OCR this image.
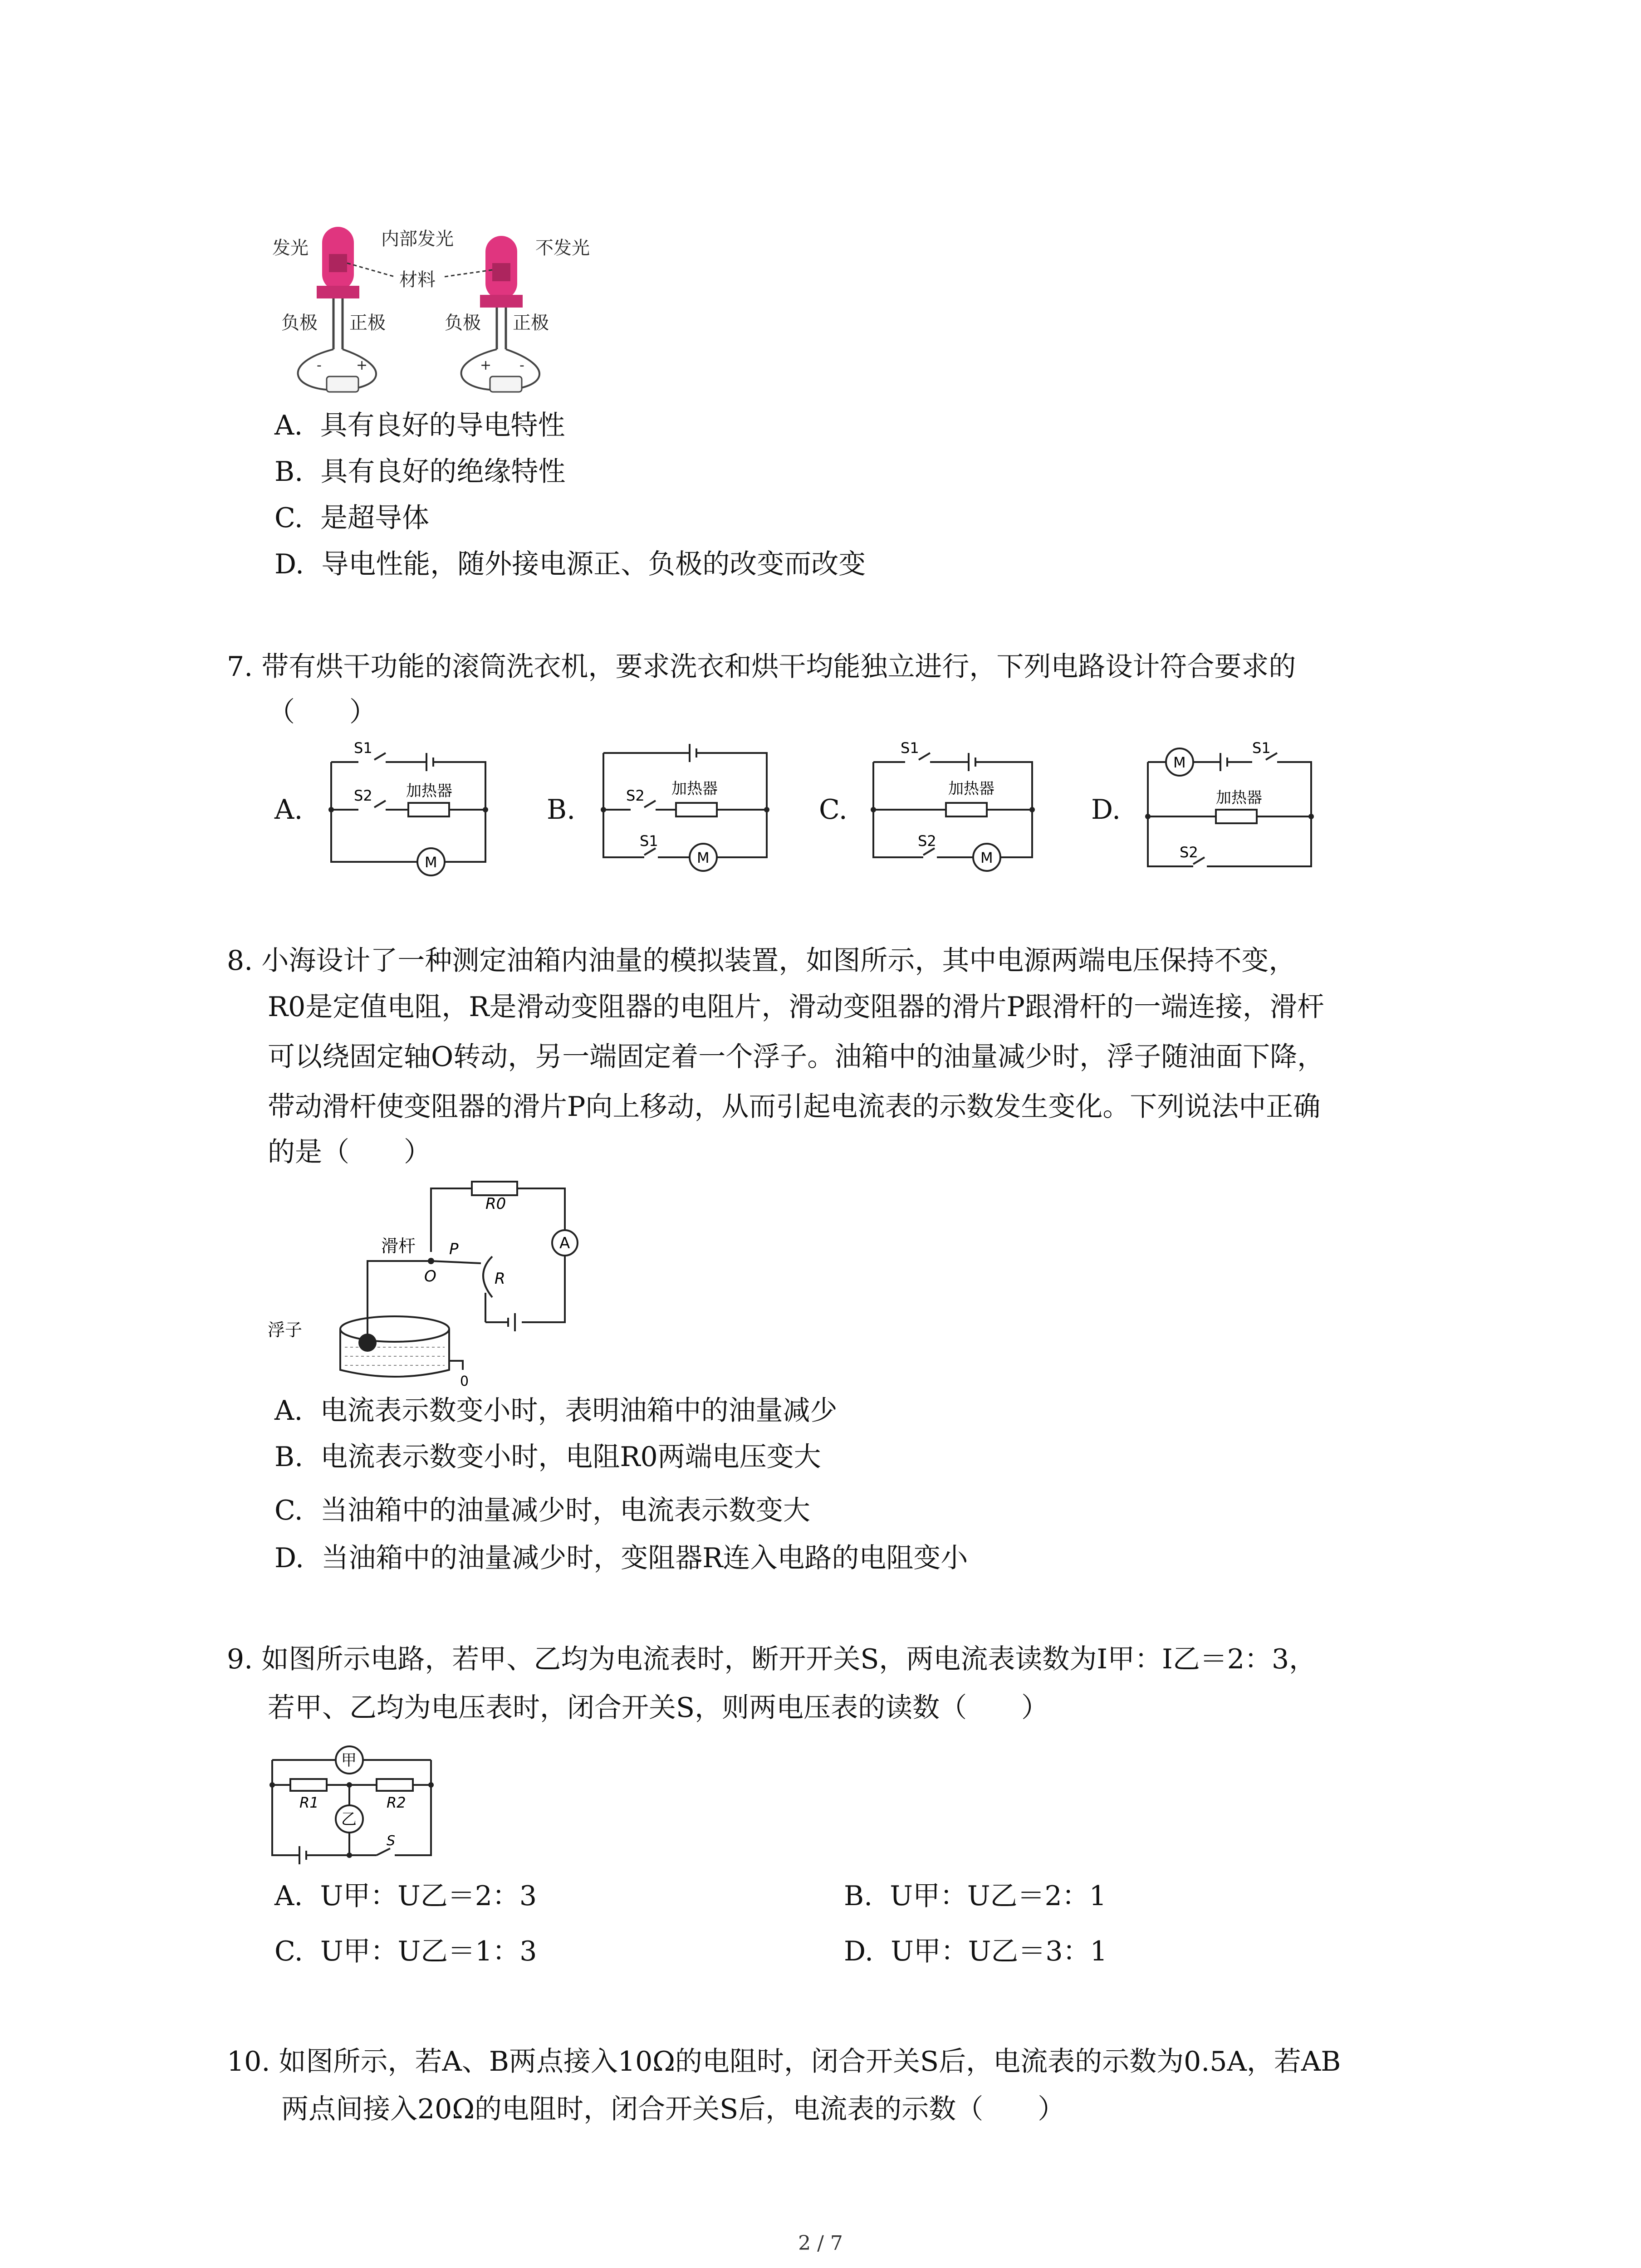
-	+	+ -
发光	内部发光	不发光
材料
负极 正极	负极 正极
A. 具有良好的导电特性
B. 具有良好的绝缘特性
C. 是超导体
D. 导电性能，随外接电源正、负极的改变而改变
7. 带有烘干功能的滚筒洗衣机，要求洗衣和烘干均能独立进行，下列电路设计符合要求的
（　　）
A.	B.	C.	D.
S1
S2 加热器
M
S2 加热器
S1
M
S1
加热器
S2
M
M
S1
加热器
S2
8. 小海设计了一种测定油箱内油量的模拟装置，如图所示，其中电源两端电压保持不变，
R0是定值电阻，R是滑动变阻器的电阻片，滑动变阻器的滑片P跟滑杆的一端连接，滑杆
可以绕固定轴O转动，另一端固定着一个浮子。油箱中的油量减少时，浮子随油面下降，
带动滑杆使变阻器的滑片P向上移动，从而引起电流表的示数发生变化。下列说法中正确
的是（　　）
滑杆
浮子
R0
P
O	R
A
0
A. 电流表示数变小时，表明油箱中的油量减少
B. 电流表示数变小时，电阻R0两端电压变大
C. 当油箱中的油量减少时，电流表示数变大
D. 当油箱中的油量减少时，变阻器R连入电路的电阻变小
9. 如图所示电路，若甲、乙均为电流表时，断开开关S，两电流表读数为I甲：I乙＝2：3，
若甲、乙均为电压表时，闭合开关S，则两电压表的读数（　　）
甲
乙
R1	R2
S
A. U甲：U乙＝2：3	B. U甲：U乙＝2：1
C. U甲：U乙＝1：3	D. U甲：U乙＝3：1
10. 如图所示，若A、B两点接入10Ω的电阻时，闭合开关S后，电流表的示数为0.5A，若AB
两点间接入20Ω的电阻时，闭合开关S后，电流表的示数（　　）
2 / 7
